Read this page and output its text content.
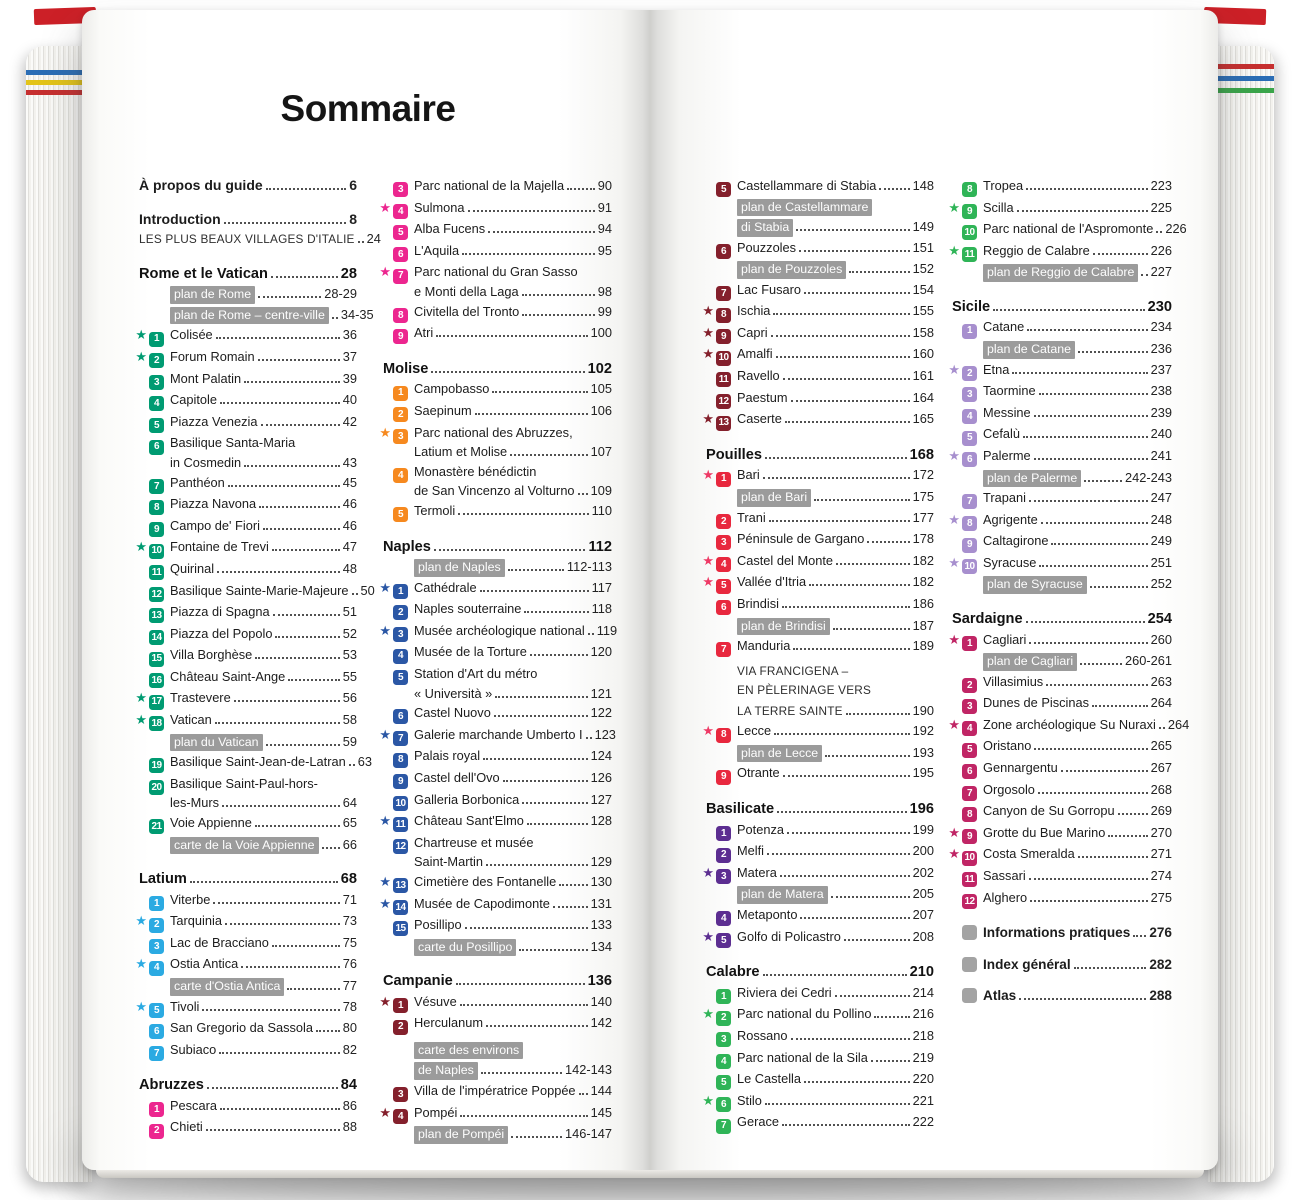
Sommaire
À propos du guide	6
Introduction	8
LES PLUS BEAUX VILLAGES D'ITALIE 24
Rome et le Vatican	28
plan de Rome	28-29
plan de Rome – centre-ville	34-35
★ 1 Colisée	36
★ 2 Forum Romain	37
3 Mont Palatin	39
4 Capitole	40
5 Piazza Venezia	42
6 Basilique Santa-Maria
in Cosmedin	43
7 Panthéon	45
8 Piazza Navona	46
9 Campo de' Fiori	46
★ 10 Fontaine de Trevi	47
11 Quirinal	48
12 Basilique Sainte-Marie-Majeure 50
13 Piazza di Spagna	51
14 Piazza del Popolo	52
15 Villa Borghèse	53
16 Château Saint-Ange	55
★ 17 Trastevere	56
★ 18 Vatican	58
plan du Vatican	59
19 Basilique Saint-Jean-de-Latran 63
20 Basilique Saint-Paul-hors-
les-Murs	64
21 Voie Appienne	65
carte de la Voie Appienne	66
Latium	68
1 Viterbe	71
★ 2 Tarquinia	73
3 Lac de Bracciano	75
★ 4 Ostia Antica	76
carte d'Ostia Antica	77
★ 5 Tivoli	78
6 San Gregorio da Sassola 80
7 Subiaco	82
Abruzzes	84
1 Pescara	86
2 Chieti	88
3 Parc national de la Majella	90
★ 4 Sulmona	91
5 Alba Fucens	94
6 L'Aquila	95
★ 7 Parc national du Gran Sasso
e Monti della Laga	98
8 Civitella del Tronto	99
9 Atri	100
Molise	102
1 Campobasso	105
2 Saepinum	106
★ 3 Parc national des Abruzzes,
Latium et Molise	107
4 Monastère bénédictin
de San Vincenzo al Volturno 109
5 Termoli	110
Naples	112
plan de Naples	112-113
★ 1 Cathédrale	117
2 Naples souterraine	118
★ 3 Musée archéologique national 119
4 Musée de la Torture	120
5 Station d'Art du métro
« Università »	121
6 Castel Nuovo	122
★ 7 Galerie marchande Umberto I 123
8 Palais royal	124
9 Castel dell'Ovo	126
10 Galleria Borbonica	127
★ 11 Château Sant'Elmo	128
12 Chartreuse et musée
Saint-Martin	129
★ 13 Cimetière des Fontanelle	130
★ 14 Musée de Capodimonte	131
15 Posillipo	133
carte du Posillipo	134
Campanie	136
★ 1 Vésuve	140
2 Herculanum	142
carte des environs
de Naples	142-143
3 Villa de l'impératrice Poppée 144
★ 4 Pompéi	145
plan de Pompéi	146-147
5 Castellammare di Stabia	148
plan de Castellammare
di Stabia	149
6 Pouzzoles	151
plan de Pouzzoles	152
7 Lac Fusaro	154
★ 8 Ischia	155
★ 9 Capri	158
★ 10 Amalfi	160
11 Ravello	161
12 Paestum	164
★ 13 Caserte	165
Pouilles	168
★ 1 Bari	172
plan de Bari	175
2 Trani	177
3 Péninsule de Gargano	178
★ 4 Castel del Monte	182
★ 5 Vallée d'Itria	182
6 Brindisi	186
plan de Brindisi	187
7 Manduria	189
VIA FRANCIGENA –
EN PÈLERINAGE VERS
LA TERRE SAINTE	190
★ 8 Lecce	192
plan de Lecce	193
9 Otrante	195
Basilicate	196
1 Potenza	199
2 Melfi	200
★ 3 Matera	202
plan de Matera	205
4 Metaponto	207
★ 5 Golfo di Policastro	208
Calabre	210
1 Riviera dei Cedri	214
★ 2 Parc national du Pollino	216
3 Rossano	218
4 Parc national de la Sila	219
5 Le Castella	220
★ 6 Stilo	221
7 Gerace	222
8 Tropea	223
★ 9 Scilla	225
10 Parc national de l'Aspromonte 226
★ 11 Reggio de Calabre	226
plan de Reggio de Calabre	227
Sicile	230
1 Catane	234
plan de Catane	236
★ 2 Etna	237
3 Taormine	238
4 Messine	239
5 Cefalù	240
★ 6 Palerme	241
plan de Palerme	242-243
7 Trapani	247
★ 8 Agrigente	248
9 Caltagirone	249
★ 10 Syracuse	251
plan de Syracuse	252
Sardaigne	254
★ 1 Cagliari	260
plan de Cagliari	260-261
2 Villasimius	263
3 Dunes de Piscinas	264
★ 4 Zone archéologique Su Nuraxi 264
5 Oristano	265
6 Gennargentu	267
7 Orgosolo	268
8 Canyon de Su Gorropu	269
★ 9 Grotte du Bue Marino	270
★ 10 Costa Smeralda	271
11 Sassari	274
12 Alghero	275
Informations pratiques 276
Index général	282
Atlas	288
